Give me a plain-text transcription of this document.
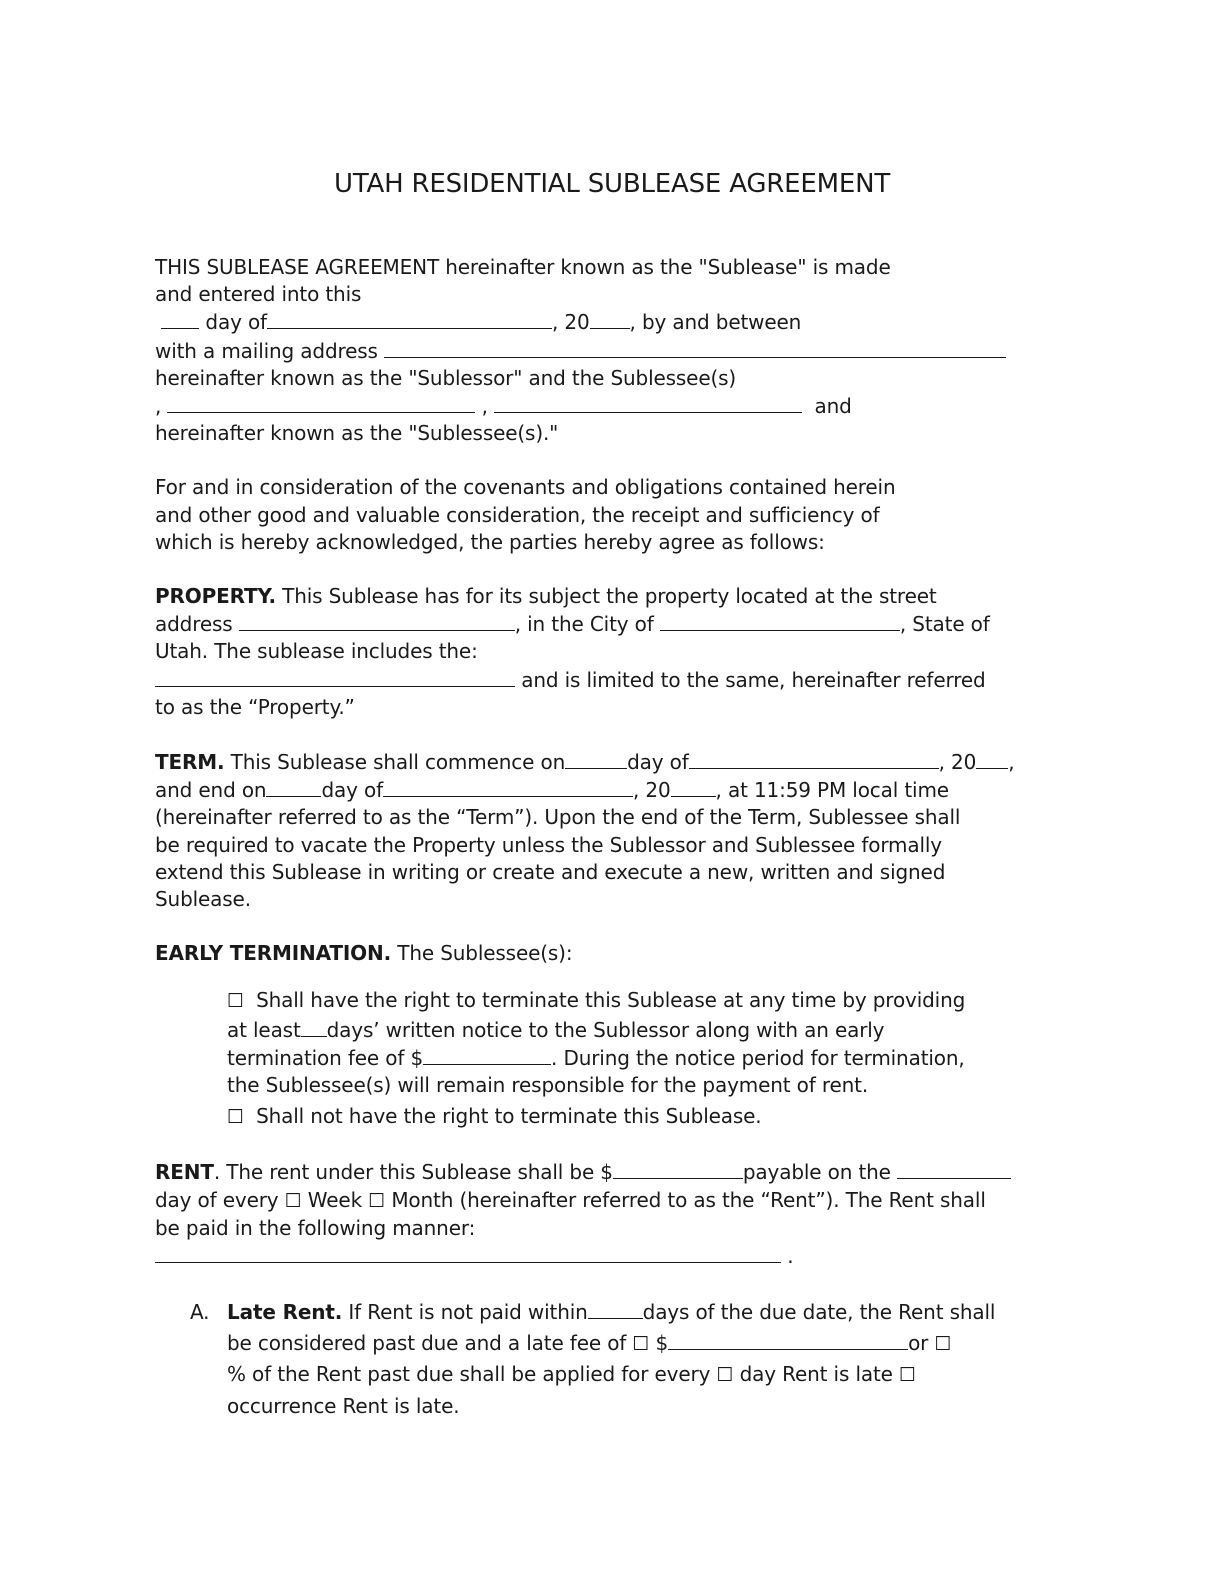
UTAH RESIDENTIAL SUBLEASE AGREEMENT

THIS SUBLEASE AGREEMENT hereinafter known as the "Sublease" is made

and entered into this

day of	, 20 , by and between

with a mailing address

hereinafter known as the "Sublessor" and the Sublessee(s)

,	,	and

hereinafter known as the "Sublessee(s)."

For and in consideration of the covenants and obligations contained herein

and other good and valuable consideration, the receipt and sufficiency of

which is hereby acknowledged, the parties hereby agree as follows:

PROPERTY. This Sublease has for its subject the property located at the street

address	, in the City of	, State of

Utah. The sublease includes the:

and is limited to the same, hereinafter referred

to as the “Property.”

TERM. This Sublease shall commence on	day of	, 20 ,

and end on	day of	, 20 , at 11:59 PM local time

(hereinafter referred to as the “Term”). Upon the end of the Term, Sublessee shall

be required to vacate the Property unless the Sublessor and Sublessee formally

extend this Sublease in writing or create and execute a new, written and signed

Sublease.

EARLY TERMINATION. The Sublessee(s):

☐ Shall have the right to terminate this Sublease at any time by providing

at least days’ written notice to the Sublessor along with an early

termination fee of $	. During the notice period for termination,

the Sublessee(s) will remain responsible for the payment of rent.

☐ Shall not have the right to terminate this Sublease.

RENT. The rent under this Sublease shall be $	payable on the

day of every ☐ Week ☐ Month (hereinafter referred to as the “Rent”). The Rent shall

be paid in the following manner:

.

A. Late Rent. If Rent is not paid within	days of the due date, the Rent shall

be considered past due and a late fee of ☐ $	or ☐

% of the Rent past due shall be applied for every ☐ day Rent is late ☐

occurrence Rent is late.
